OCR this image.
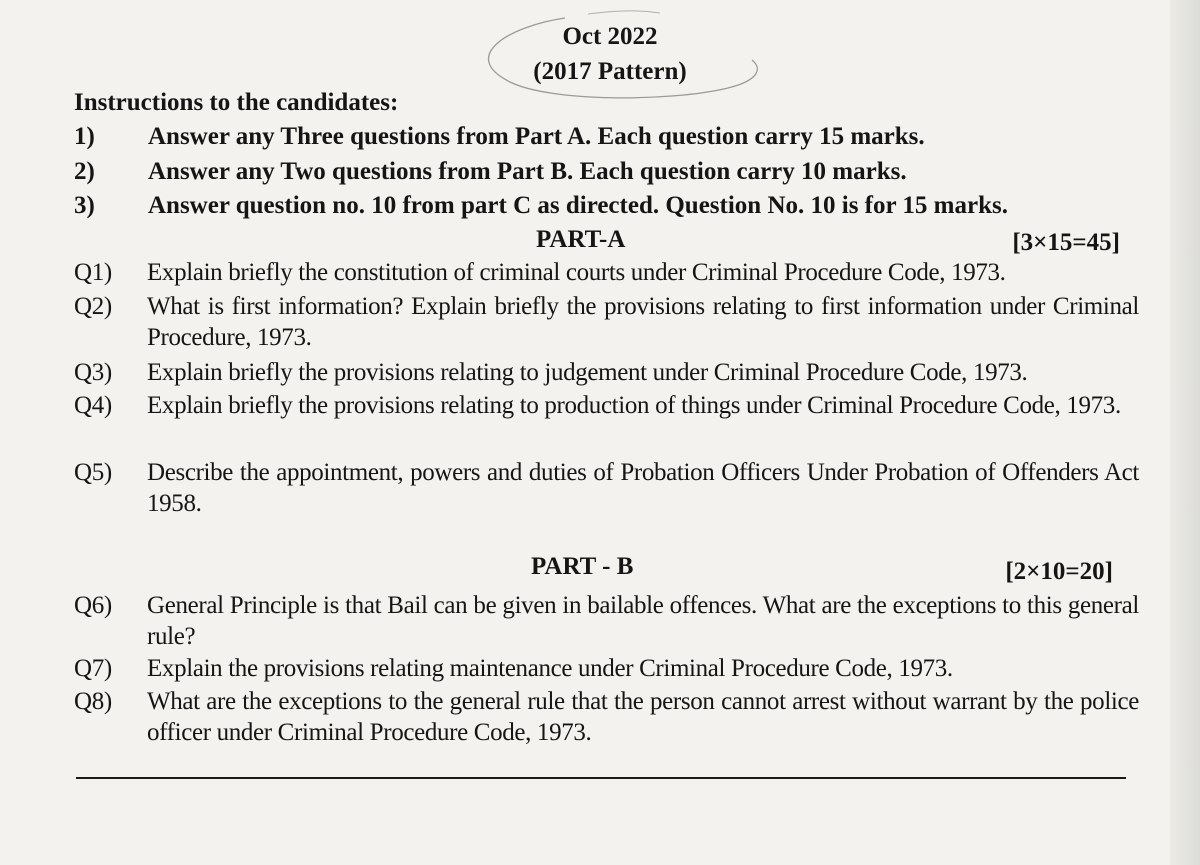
Oct 2022
(2017 Pattern)
Instructions to the candidates:
1) Answer any Three questions from Part A. Each question carry 15 marks.
2) Answer any Two questions from Part B. Each question carry 10 marks.
3) Answer question no. 10 from part C as directed. Question No. 10 is for 15 marks.
PART-A	[3×15=45]
Q1) Explain briefly the constitution of criminal courts under Criminal Procedure Code, 1973.
Q2) What is first information? Explain briefly the provisions relating to first information under Criminal Procedure, 1973.
Q3) Explain briefly the provisions relating to judgement under Criminal Procedure Code, 1973.
Q4) Explain briefly the provisions relating to production of things under Criminal Procedure Code, 1973.
Q5) Describe the appointment, powers and duties of Probation Officers Under Probation of Offenders Act 1958.
PART - B	[2×10=20]
Q6) General Principle is that Bail can be given in bailable offences. What are the exceptions to this general rule?
Q7) Explain the provisions relating maintenance under Criminal Procedure Code, 1973.
Q8) What are the exceptions to the general rule that the person cannot arrest without warrant by the police officer under Criminal Procedure Code, 1973.
